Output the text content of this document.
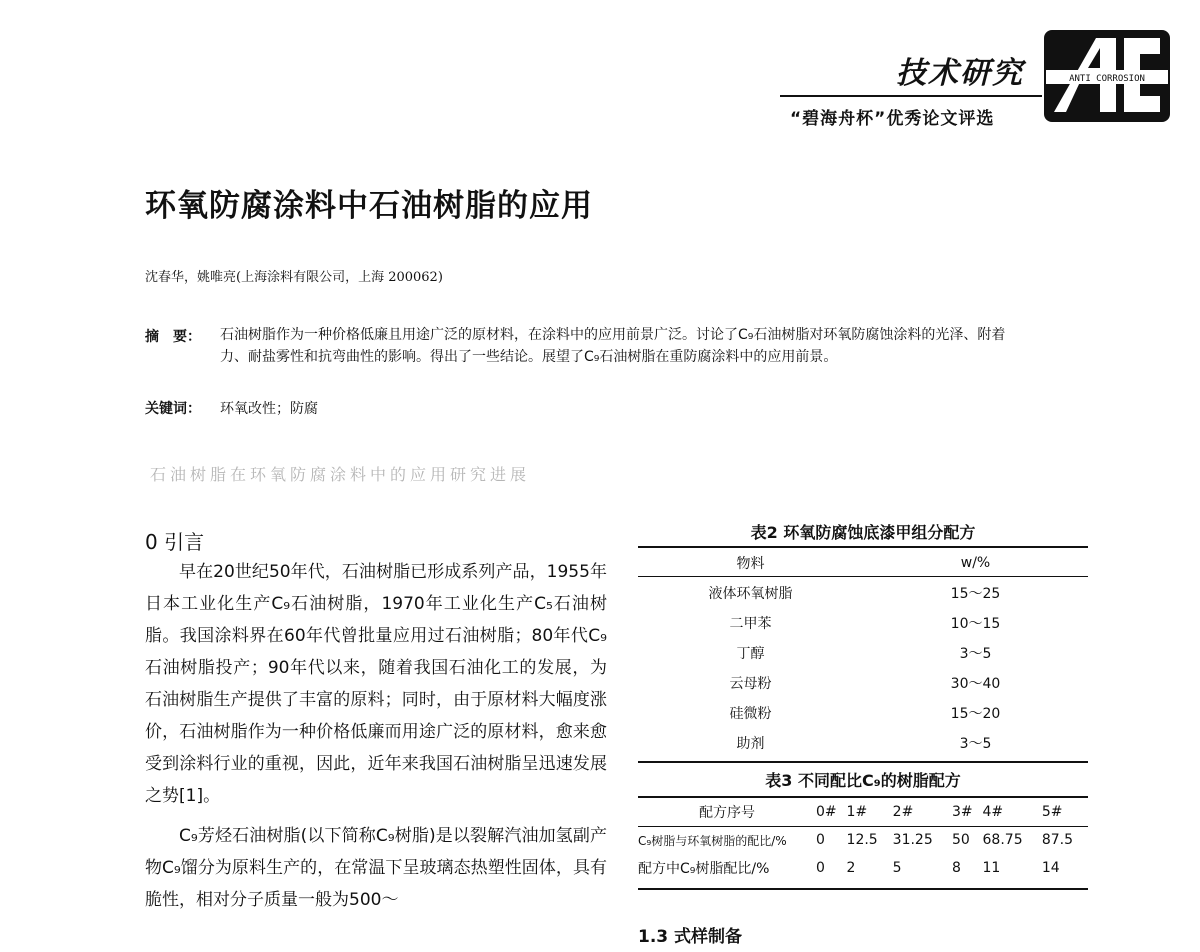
技术研究
“碧海舟杯”优秀论文评选
ANTI CORROSION
环氧防腐涂料中石油树脂的应用
沈春华，姚唯亮(上海涂料有限公司，上海 200062)
摘　要： 石油树脂作为一种价格低廉且用途广泛的原材料，在涂料中的应用前景广泛。讨论了C₉石油树脂对环氧防腐蚀涂料的光泽、附着力、耐盐雾性和抗弯曲性的影响。得出了一些结论。展望了C₉石油树脂在重防腐涂料中的应用前景。
关键词： 环氧改性；防腐
石油树脂在环氧防腐涂料中的应用研究进展
0 引言

早在20世纪50年代，石油树脂已形成系列产品，1955年日本工业化生产C₉石油树脂，1970年工业化生产C₅石油树脂。我国涂料界在60年代曾批量应用过石油树脂；80年代C₉石油树脂投产；90年代以来，随着我国石油化工的发展，为石油树脂生产提供了丰富的原料；同时，由于原材料大幅度涨价，石油树脂作为一种价格低廉而用途广泛的原材料，愈来愈受到涂料行业的重视，因此，近年来我国石油树脂呈迅速发展之势[1]。

C₉芳烃石油树脂(以下简称C₉树脂)是以裂解汽油加氢副产物C₉馏分为原料生产的，在常温下呈玻璃态热塑性固体，具有脆性，相对分子质量一般为500～

表2 环氧防腐蚀底漆甲组分配方
物料	w/%
液体环氧树脂	15～25
二甲苯	10～15
丁醇	3～5
云母粉	30～40
硅微粉	15～20
助剂	3～5
表3 不同配比C₉的树脂配方
配方序号	0#	1#	2#	3#	4#	5#
C₉树脂与环氧树脂的配比/%	0	12.5	31.25	50	68.75	87.5
配方中C₉树脂配比/%	0	2	5	8	11	14
1.3 式样制备
